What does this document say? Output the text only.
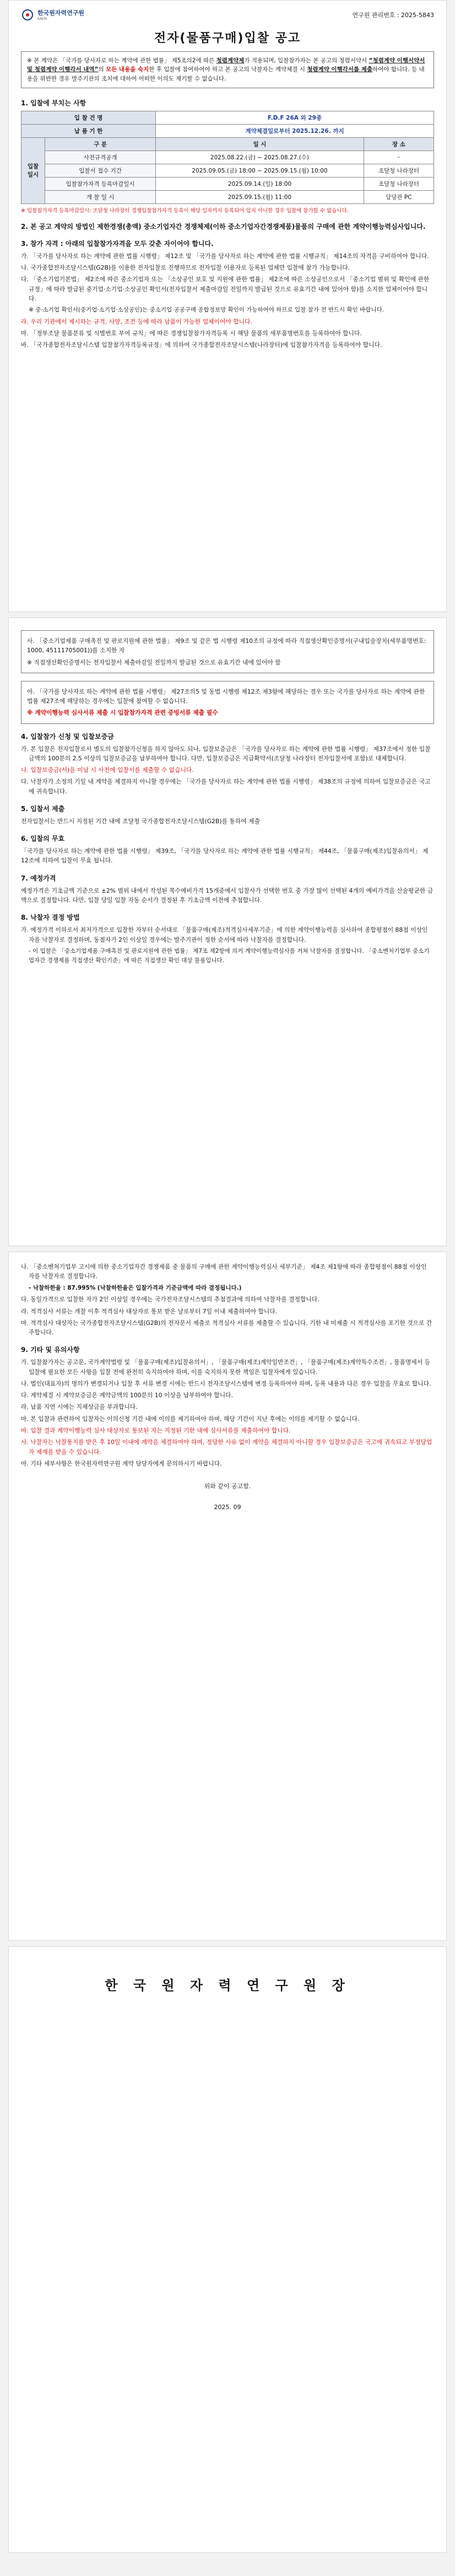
한국원자력연구원
KAERI
연구원 관리번호 : 2025-5843
전자(물품구매)입찰 공고
※ 본 계약은 「국가를 당사자로 하는 계약에 관한 법률」 제5조의2에 따른 청렴계약제가 적용되며, 입찰참가자는 본 공고의 청렴서약서 “청렴계약 이행서약서 및 청렴계약 이행각서 내역”의 모든 내용을 숙지한 후 입찰에 참여하여야 하고 본 공고의 낙찰자는 계약체결 시 청렴계약 이행각서를 제출하여야 합니다. 등 내용을 위반한 경우 발주기관의 조치에 대하여 어떠한 이의도 제기할 수 없습니다.
1. 입찰에 부치는 사항
입 찰 건 명		F.D.F 26A 외 29종	
납 품 기 한		계약체결일로부터 2025.12.26. 까지	
입찰일시	구 분	일 시	장 소
	사전규격공개	2025.08.22.(금) ~ 2025.08.27.(수)	-
	입찰서 접수 기간	2025.09.05.(금) 18:00 ~ 2025.09.15.(월) 10:00	조달청 나라장터
	입찰참가자격 등록마감일시	2025.09.14.(일) 18:00	조달청 나라장터
	개 찰 일 시	2025.09.15.(월) 11:00	담당관 PC
※ 입찰참가자격 등록마감일시: 조달청 나라장터 경쟁입찰참가자격 등록이 해당 일자까지 등록되어 있지 아니한 경우 입찰에 참가할 수 없습니다.
2. 본 공고 계약의 방법인 제한경쟁(총액) 중소기업자간 경쟁체제(이하 중소기업자간경쟁제품)물품의 구매에 관한 계약이행능력심사입니다.
3. 참가 자격 : 아래의 입찰참가자격을 모두 갖춘 자이어야 합니다.
가. 「국가를 당사자로 하는 계약에 관한 법률 시행령」 제12조 및 「국가를 당사자로 하는 계약에 관한 법률 시행규칙」 제14조의 자격을 구비하여야 합니다.
나. 국가종합전자조달시스템(G2B)를 이용한 전자입찰로 진행하므로 전자입찰 이용자로 등록된 업체만 입찰에 참가 가능합니다.
다. 「중소기업기본법」 제2조에 따른 중소기업자 또는 「소상공인 보호 및 지원에 관한 법률」 제2조에 따른 소상공인으로서 「중소기업 범위 및 확인에 관한 규정」에 따라 발급된 중기업·소기업·소상공인 확인서(전자입찰서 제출마감일 전일까지 발급된 것으로 유효기간 내에 있어야 함)를 소지한 업체이어야 합니다.
※ 중·소기업 확인서(중기업·소기업·소상공인)는 중소기업 공공구매 종합정보망 확인이 가능하여야 하므로 입찰 참가 전 반드시 확인 바랍니다.
라. 우리 기관에서 제시하는 규격, 사양, 조건 등에 따라 납품이 가능한 업체이어야 합니다.
마. 「정부조달 물품분류 및 식별번호 부여 규칙」에 따른 경쟁입찰참가자격등록 시 해당 물품의 세부품명번호를 등록하여야 합니다.
바. 「국가종합전자조달시스템 입찰참가자격등록규정」에 의하여 국가종합전자조달시스템(나라장터)에 입찰참가자격을 등록하여야 합니다.
사. 「중소기업제품 구매촉진 및 판로지원에 관한 법률」 제9조 및 같은 법 시행령 제10조의 규정에 따라 직접생산확인증명서(구내입술장치(세부품명번호: 1000, 45111705001))를 소지한 자
※ 직접생산확인증명서는 전자입찰서 제출마감일 전일까지 발급된 것으로 유효기간 내에 있어야 함
아. 「국가를 당사자로 하는 계약에 관한 법률 시행령」 제27조의5 및 동법 시행령 제12조 제3항에 해당하는 경우 또는 국가를 당사자로 하는 계약에 관한 법률 제27조에 해당하는 경우에는 입찰에 참여할 수 없습니다.
※ 계약이행능력 심사서류 제출 시 입찰참가자격 관련 증빙서류 제출 필수
4. 입찰참가 신청 및 입찰보증금
가. 본 입찰은 전자입찰로서 별도의 입찰참가신청을 하지 않아도 되나, 입찰보증금은 「국가를 당사자로 하는 계약에 관한 법률 시행령」 제37조에서 정한 입찰금액의 100분의 2.5 이상의 입찰보증금을 납부하여야 합니다. 다만, 입찰보증금은 지급확약서(조달청 나라장터 전자입찰서에 포함)로 대체합니다.
나. 입찰보증금(서)을 미납 시 사전에 입찰서를 제출할 수 없습니다.
다. 낙찰자가 소정의 기일 내 계약을 체결하지 아니할 경우에는 「국가를 당사자로 하는 계약에 관한 법률 시행령」 제38조의 규정에 의하여 입찰보증금은 국고에 귀속합니다.
5. 입찰서 제출
전자입찰서는 반드시 지정된 기간 내에 조달청 국가종합전자조달시스템(G2B)를 통하여 제출
6. 입찰의 무효
「국가를 당사자로 하는 계약에 관한 법률 시행령」 제39조, 「국가를 당사자로 하는 계약에 관한 법률 시행규칙」 제44조, 「물품구매(제조)입찰유의서」 제12조에 의하여 입찰이 무효 됩니다.
7. 예정가격
예정가격은 기초금액 기준으로 ±2% 범위 내에서 작성된 복수예비가격 15개중에서 입찰사가 선택한 번호 중 가장 많이 선택된 4개의 예비가격을 산술평균한 금액으로 결정합니다. 다만, 입찰 당일 입찰 자동 순서가 결정된 후 기초금액 이전에 추첨합니다.
8. 낙찰자 결정 방법
가. 예정가격 이하로서 최저가격으로 입찰한 자부터 순서대로 「물품구매(제조)적격심사세부기준」에 의한 계약이행능력을 심사하여 종합평점이 88점 이상인 자를 낙찰자로 결정하며, 동점자가 2인 이상일 경우에는 발주기관이 정한 순서에 따라 낙찰자를 결정합니다.
- 이 입찰은 「중소기업제품 구매촉진 및 판로지원에 관한 법률」 제7조 제2항에 의거 계약이행능력심사를 거쳐 낙찰자를 결정합니다. 「중소벤처기업부 중소기업자간 경쟁제품 직접생산 확인기준」에 따른 직접생산 확인 대상 물품입니다.
나. 「중소벤처기업부 고시에 의한 중소기업자간 경쟁제품 중 물품의 구매에 관한 계약이행능력심사 세부기준」 제4조 제1항에 따라 종합평점이 88점 이상인 자를 낙찰자로 결정합니다.
- 낙찰하한율 : 87.995% (낙찰하한율은 입찰가격과 기준금액에 따라 결정됩니다.)
다. 동일가격으로 입찰한 자가 2인 이상일 경우에는 국가전자조달시스템의 추첨결과에 의하여 낙찰자를 결정합니다.
라. 적격심사 서류는 개찰 이후 적격심사 대상자로 통보 받은 날로부터 7일 이내 제출하여야 합니다.
마. 적격심사 대상자는 국가종합전자조달시스템(G2B)의 전자문서 제출로 적격심사 서류를 제출할 수 있습니다. 기한 내 미제출 시 적격심사를 포기한 것으로 간주합니다.
9. 기타 및 유의사항
가. 입찰참가자는 공고문, 국가계약법령 및 「물품구매(제조)입찰유의서」, 「물품구매(제조)계약일반조건」, 「물품구매(제조)계약특수조건」, 물품명세서 등 입찰에 필요한 모든 사항을 입찰 전에 완전히 숙지하여야 하며, 이를 숙지하지 못한 책임은 입찰자에게 있습니다.
나. 법인(대표자)의 명의가 변경되거나 입찰 후 서류 변경 시에는 반드시 전자조달시스템에 변경 등록하여야 하며, 등록 내용과 다른 경우 입찰을 무효로 합니다.
다. 계약체결 시 계약보증금은 계약금액의 100분의 10 이상을 납부하여야 합니다.
라. 납품 지연 시에는 지체상금을 부과합니다.
마. 본 입찰과 관련하여 입찰자는 이의신청 기간 내에 이의를 제기하여야 하며, 해당 기간이 지난 후에는 이의를 제기할 수 없습니다.
바. 입찰 결과 계약이행능력 심사 대상자로 통보된 자는 지정된 기한 내에 심사서류를 제출하여야 합니다.
사. 낙찰자는 낙찰통지를 받은 후 10일 이내에 계약을 체결하여야 하며, 정당한 사유 없이 계약을 체결하지 아니할 경우 입찰보증금은 국고에 귀속되고 부정당업자 제재를 받을 수 있습니다.
아. 기타 세부사항은 한국원자력연구원 계약 담당자에게 문의하시기 바랍니다.
위와 같이 공고함.
2025. 09
한 국 원 자 력 연 구 원 장
